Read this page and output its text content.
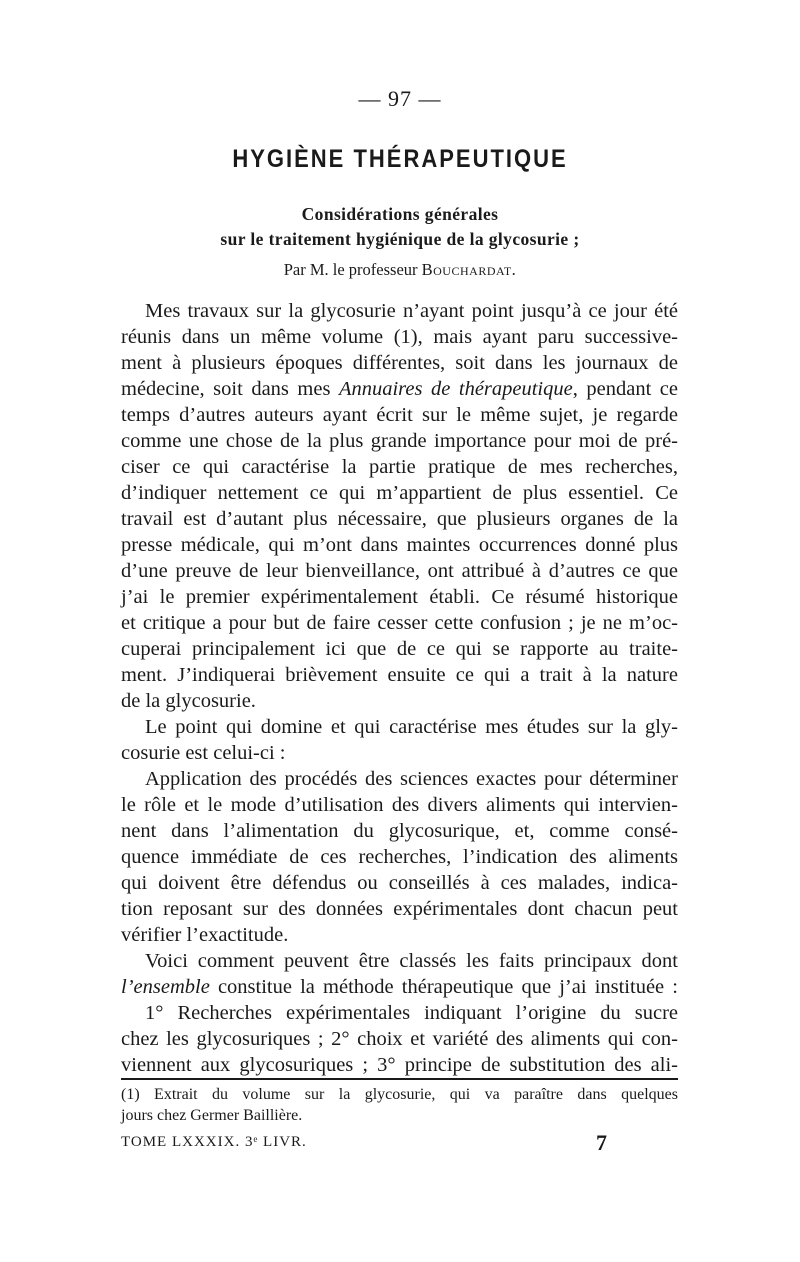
— 97 —
HYGIÈNE THÉRAPEUTIQUE
Considérations générales
sur le traitement hygiénique de la glycosurie ;
Par M. le professeur Bouchardat.
Mes travaux sur la glycosurie n’ayant point jusqu’à ce jour été
réunis dans un même volume (1), mais ayant paru successive-
ment à plusieurs époques différentes, soit dans les journaux de
médecine, soit dans mes Annuaires de thérapeutique, pendant ce
temps d’autres auteurs ayant écrit sur le même sujet, je regarde
comme une chose de la plus grande importance pour moi de pré-
ciser ce qui caractérise la partie pratique de mes recherches,
d’indiquer nettement ce qui m’appartient de plus essentiel. Ce
travail est d’autant plus nécessaire, que plusieurs organes de la
presse médicale, qui m’ont dans maintes occurrences donné plus
d’une preuve de leur bienveillance, ont attribué à d’autres ce que
j’ai le premier expérimentalement établi. Ce résumé historique
et critique a pour but de faire cesser cette confusion ; je ne m’oc-
cuperai principalement ici que de ce qui se rapporte au traite-
ment. J’indiquerai brièvement ensuite ce qui a trait à la nature
de la glycosurie.
Le point qui domine et qui caractérise mes études sur la gly-
cosurie est celui-ci :
Application des procédés des sciences exactes pour déterminer
le rôle et le mode d’utilisation des divers aliments qui intervien-
nent dans l’alimentation du glycosurique, et, comme consé-
quence immédiate de ces recherches, l’indication des aliments
qui doivent être défendus ou conseillés à ces malades, indica-
tion reposant sur des données expérimentales dont chacun peut
vérifier l’exactitude.
Voici comment peuvent être classés les faits principaux dont
l’ensemble constitue la méthode thérapeutique que j’ai instituée :
1° Recherches expérimentales indiquant l’origine du sucre
chez les glycosuriques ; 2° choix et variété des aliments qui con-
viennent aux glycosuriques ; 3° principe de substitution des ali-
(1) Extrait du volume sur la glycosurie, qui va paraître dans quelques
jours chez Germer Baillière.
TOME LXXXIX. 3ᵉ LIVR.	7
